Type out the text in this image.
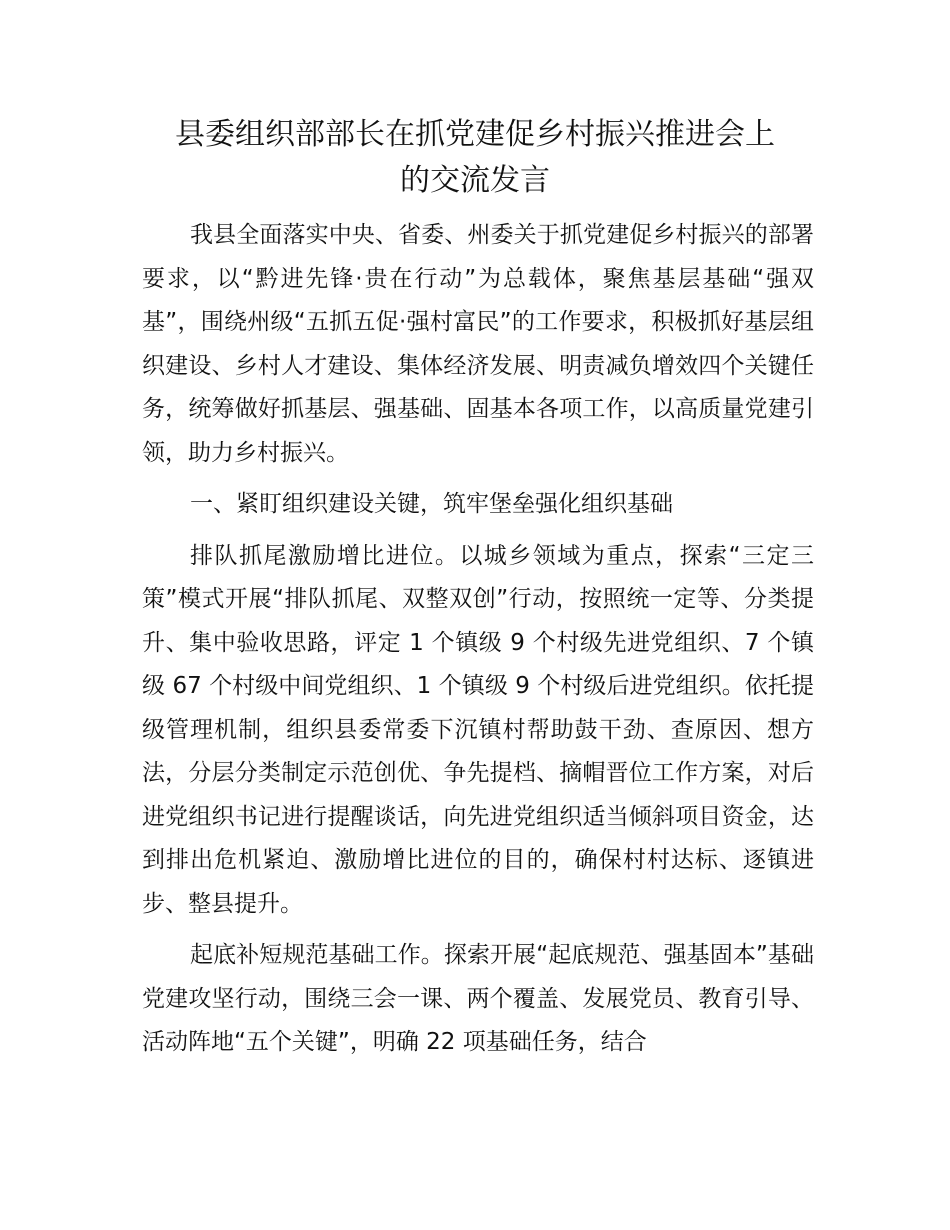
县委组织部部长在抓党建促乡村振兴推进会上
的交流发言

我县全面落实中央、省委、州委关于抓党建促乡村振兴的部署要求，以“黔进先锋·贵在行动”为总载体，聚焦基层基础“强双基”，围绕州级“五抓五促·强村富民”的工作要求，积极抓好基层组织建设、乡村人才建设、集体经济发展、明责减负增效四个关键任务，统筹做好抓基层、强基础、固基本各项工作，以高质量党建引领，助力乡村振兴。

一、紧盯组织建设关键，筑牢堡垒强化组织基础

排队抓尾激励增比进位。以城乡领域为重点，探索“三定三策”模式开展“排队抓尾、双整双创”行动，按照统一定等、分类提升、集中验收思路，评定 1 个镇级 9 个村级先进党组织、7 个镇级 67 个村级中间党组织、1 个镇级 9 个村级后进党组织。依托提级管理机制，组织县委常委下沉镇村帮助鼓干劲、查原因、想方法，分层分类制定示范创优、争先提档、摘帽晋位工作方案，对后进党组织书记进行提醒谈话，向先进党组织适当倾斜项目资金，达到排出危机紧迫、激励增比进位的目的，确保村村达标、逐镇进步、整县提升。

起底补短规范基础工作。探索开展“起底规范、强基固本”基础党建攻坚行动，围绕三会一课、两个覆盖、发展党员、教育引导、活动阵地“五个关键”，明确 22 项基础任务，结合
